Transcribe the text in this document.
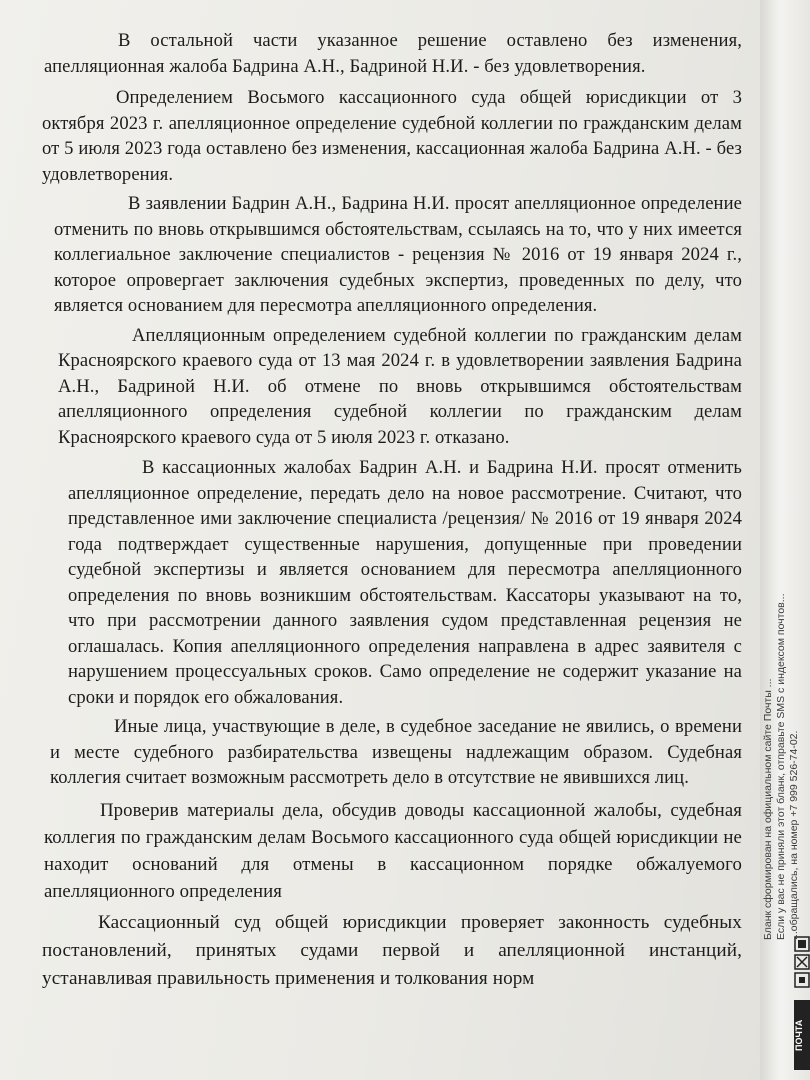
В остальной части указанное решение оставлено без изменения, апелляционная жалоба Бадрина А.Н., Бадриной Н.И. - без удовлетворения.

Определением Восьмого кассационного суда общей юрисдикции от 3 октября 2023 г. апелляционное определение судебной коллегии по гражданским делам от 5 июля 2023 года оставлено без изменения, кассационная жалоба Бадрина А.Н. - без удовлетворения.

В заявлении Бадрин А.Н., Бадрина Н.И. просят апелляционное определение отменить по вновь открывшимся обстоятельствам, ссылаясь на то, что у них имеется коллегиальное заключение специалистов - рецензия № 2016 от 19 января 2024 г., которое опровергает заключения судебных экспертиз, проведенных по делу, что является основанием для пересмотра апелляционного определения.

Апелляционным определением судебной коллегии по гражданским делам Красноярского краевого суда от 13 мая 2024 г. в удовлетворении заявления Бадрина А.Н., Бадриной Н.И. об отмене по вновь открывшимся обстоятельствам апелляционного определения судебной коллегии по гражданским делам Красноярского краевого суда от 5 июля 2023 г. отказано.

В кассационных жалобах Бадрин А.Н. и Бадрина Н.И. просят отменить апелляционное определение, передать дело на новое рассмотрение. Считают, что представленное ими заключение специалиста /рецензия/ № 2016 от 19 января 2024 года подтверждает существенные нарушения, допущенные при проведении судебной экспертизы и является основанием для пересмотра апелляционного определения по вновь возникшим обстоятельствам. Кассаторы указывают на то, что при рассмотрении данного заявления судом представленная рецензия не оглашалась. Копия апелляционного определения направлена в адрес заявителя с нарушением процессуальных сроков. Само определение не содержит указание на сроки и порядок его обжалования.

Иные лица, участвующие в деле, в судебное заседание не явились, о времени и месте судебного разбирательства извещены надлежащим образом. Судебная коллегия считает возможным рассмотреть дело в отсутствие не явившихся лиц.

Проверив материалы дела, обсудив доводы кассационной жалобы, судебная коллегия по гражданским делам Восьмого кассационного суда общей юрисдикции не находит оснований для отмены в кассационном порядке обжалуемого апелляционного определения

Кассационный суд общей юрисдикции проверяет законность судебных постановлений, принятых судами первой и апелляционной инстанций, устанавливая правильность применения и толкования норм

Бланк сформирован на официальном сайте Почты ... Если у вас не приняли этот бланк, отправьте SMS с индексом почтов... ...обращались, на номер +7 999 526-74-02.
ПОЧТА
